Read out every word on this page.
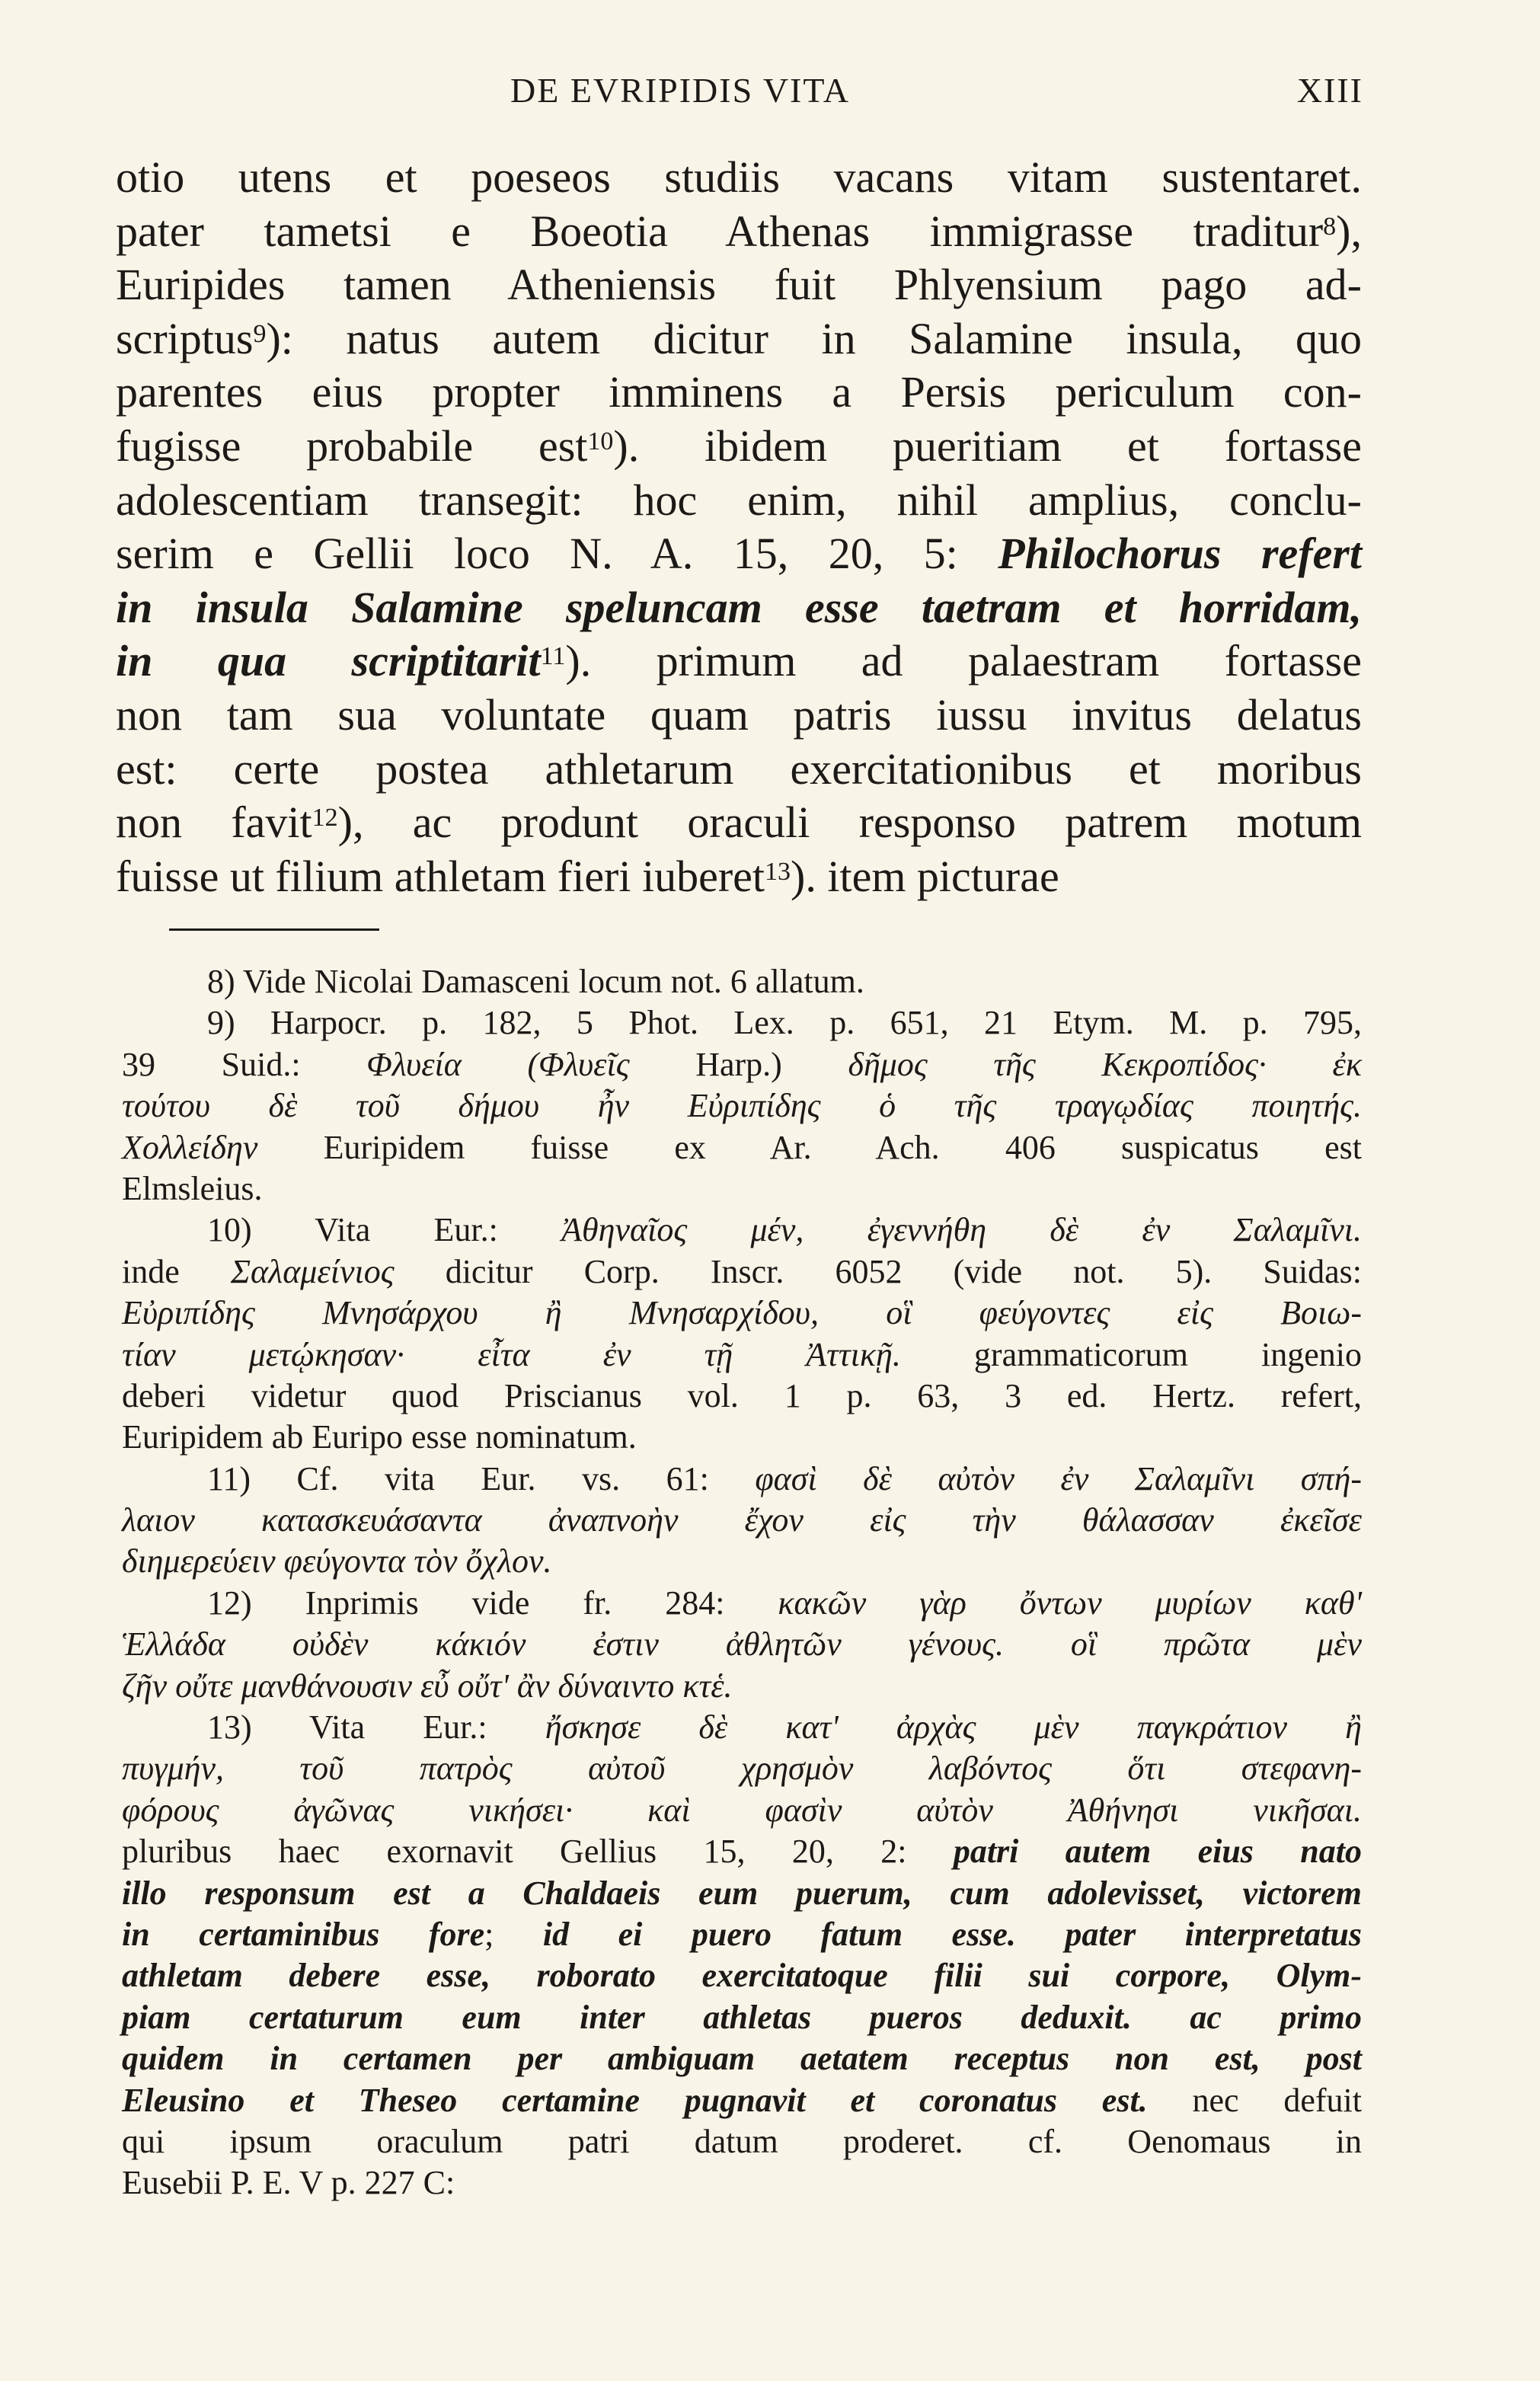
DE EVRIPIDIS VITA	XIII
otio utens et poeseos studiis vacans vitam sustentaret.
pater tametsi e Boeotia Athenas immigrasse traditur$^8$),
Euripides tamen Atheniensis fuit Phlyensium pago ad-
scriptus$^9$): natus autem dicitur in Salamine insula, quo
parentes eius propter imminens a Persis periculum con-
fugisse probabile est$^{10}$). ibidem pueritiam et fortasse
adolescentiam transegit: hoc enim, nihil amplius, conclu-
serim e Gellii loco N. A. 15, 20, 5: Philochorus refert
in insula Salamine speluncam esse taetram et horridam,
in qua scriptitarit$^{11}$). primum ad palaestram fortasse
non tam sua voluntate quam patris iussu invitus delatus
est: certe postea athletarum exercitationibus et moribus
non favit$^{12}$), ac produnt oraculi responso patrem motum
fuisse ut filium athletam fieri iuberet$^{13}$). item picturae
8) Vide Nicolai Damasceni locum not. 6 allatum.
9) Harpocr. p. 182, 5 Phot. Lex. p. 651, 21 Etym. M. p. 795,
39 Suid.: Φλυεία (Φλυεῖς Harp.) δῆμος τῆς Κεκροπίδος· ἐκ
τούτου δὲ τοῦ δήμου ἦν Εὐριπίδης ὁ τῆς τραγῳδίας ποιητής.
Χολλείδην Euripidem fuisse ex Ar. Ach. 406 suspicatus est
Elmsleius.
10) Vita Eur.: Ἀθηναῖος μέν, ἐγεννήθη δὲ ἐν Σαλαμῖνι.
inde Σαλαμείνιος dicitur Corp. Inscr. 6052 (vide not. 5). Suidas:
Εὐριπίδης Μνησάρχου ἢ Μνησαρχίδου, οἳ φεύγοντες εἰς Βοιω-
τίαν μετῴκησαν· εἶτα ἐν τῇ Ἀττικῇ. grammaticorum ingenio
deberi videtur quod Priscianus vol. 1 p. 63, 3 ed. Hertz. refert,
Euripidem ab Euripo esse nominatum.
11) Cf. vita Eur. vs. 61: φασὶ δὲ αὐτὸν ἐν Σαλαμῖνι σπή-
λαιον κατασκευάσαντα ἀναπνοὴν ἔχον εἰς τὴν θάλασσαν ἐκεῖσε
διημερεύειν φεύγοντα τὸν ὄχλον.
12) Inprimis vide fr. 284: κακῶν γὰρ ὄντων μυρίων καθ'
Ἑλλάδα οὐδὲν κάκιόν ἐστιν ἀθλητῶν γένους. οἳ πρῶτα μὲν
ζῆν οὔτε μανθάνουσιν εὖ οὔτ' ἂν δύναιντο κτἑ.
13) Vita Eur.: ἤσκησε δὲ κατ' ἀρχὰς μὲν παγκράτιον ἢ
πυγμήν, τοῦ πατρὸς αὐτοῦ χρησμὸν λαβόντος ὅτι στεφανη-
φόρους ἀγῶνας νικήσει· καὶ φασὶν αὐτὸν Ἀθήνησι νικῆσαι.
pluribus haec exornavit Gellius 15, 20, 2: patri autem eius nato
illo responsum est a Chaldaeis eum puerum, cum adolevisset, victorem
in certaminibus fore; id ei puero fatum esse. pater interpretatus
athletam debere esse, roborato exercitatoque filii sui corpore, Olym-
piam certaturum eum inter athletas pueros deduxit. ac primo
quidem in certamen per ambiguam aetatem receptus non est, post
Eleusino et Theseo certamine pugnavit et coronatus est. nec defuit
qui ipsum oraculum patri datum proderet. cf. Oenomaus in
Eusebii P. E. V p. 227 C:
